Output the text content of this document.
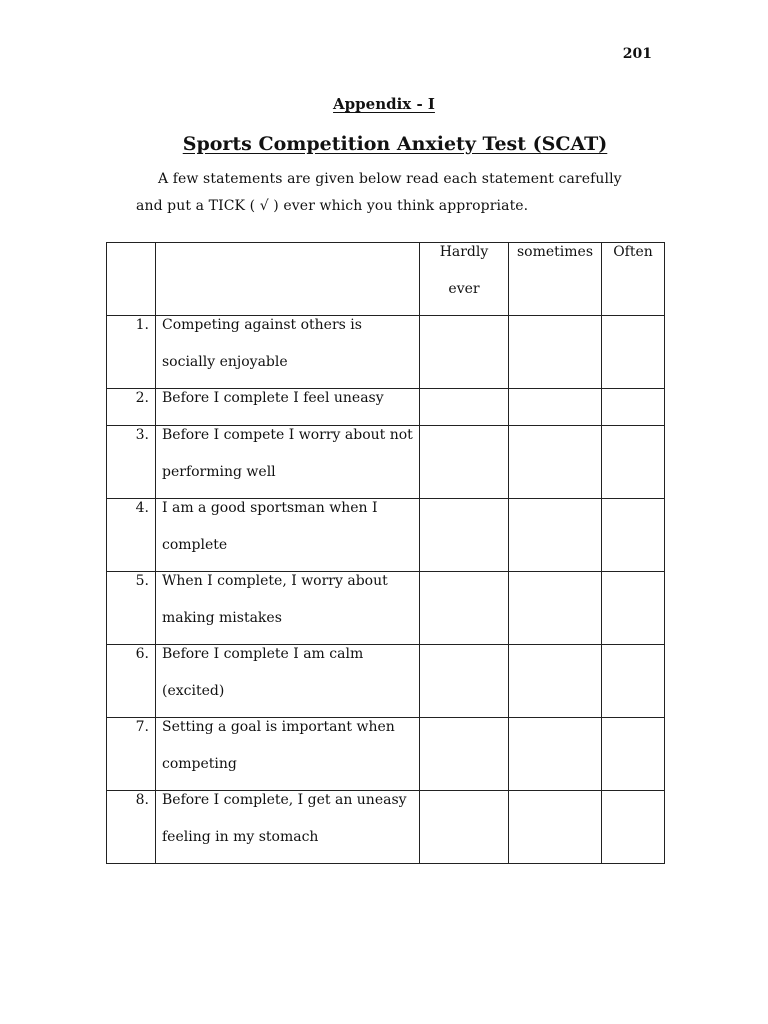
201
Appendix - I
Sports Competition Anxiety Test (SCAT)
A few statements are given below read each statement carefully
and put a TICK ( √ ) ever which you think appropriate.

		Hardly ever	sometimes	Often

1.	Competing against others is socially enjoyable			

2.	Before I complete I feel uneasy			

3.	Before I compete I worry about not performing well			

4.	I am a good sportsman when I complete			

5.	When I complete, I worry about making mistakes			

6.	Before I complete I am calm (excited)			

7.	Setting a goal is important when competing			

8.	Before I complete, I get an uneasy feeling in my stomach			
